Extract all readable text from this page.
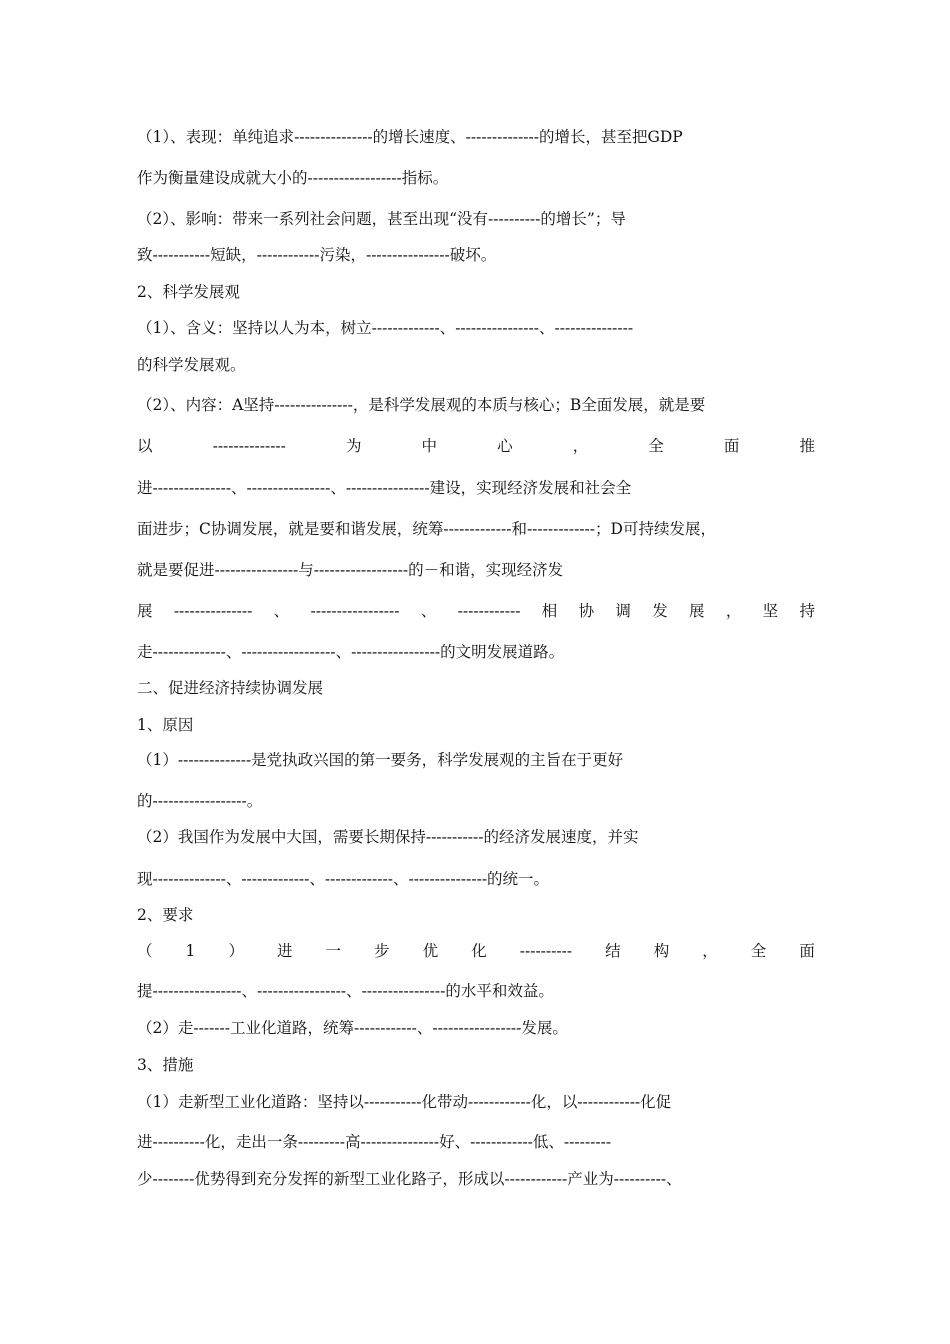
（1）、表现：单纯追求---------------的增长速度、--------------的增长，甚至把GDP
作为衡量建设成就大小的------------------指标。
（2）、影响：带来一系列社会问题，甚至出现“没有----------的增长”；导
致-----------短缺，------------污染，----------------破坏。
2、科学发展观
（1）、含义：坚持以人为本，树立-------------、----------------、---------------
的科学发展观。
（2）、内容：A坚持---------------，是科学发展观的本质与核心；B全面发展，就是要
以	--------------	为	中	心	，	全	面	推
进---------------、----------------、----------------建设，实现经济发展和社会全
面进步；C协调发展，就是要和谐发展，统筹-------------和-------------；D可持续发展，
就是要促进----------------与------------------的－和谐，实现经济发
展 --------------- 、 ----------------- 、 ------------ 相 协 调 发 展 ， 坚 持
走--------------、------------------、-----------------的文明发展道路。
二、促进经济持续协调发展
1、原因
（1）--------------是党执政兴国的第一要务，科学发展观的主旨在于更好
的------------------。
（2）我国作为发展中大国，需要长期保持-----------的经济发展速度，并实
现--------------、-------------、-------------、---------------的统一。
2、要求
（ 1 ） 进 一 步 优 化 ---------- 结 构 ， 全 面
提-----------------、-----------------、----------------的水平和效益。
（2）走-------工业化道路，统筹------------、-----------------发展。
3、措施
（1）走新型工业化道路：坚持以-----------化带动------------化，以------------化促
进----------化，走出一条---------高---------------好、------------低、---------
少--------优势得到充分发挥的新型工业化路子，形成以------------产业为----------、
